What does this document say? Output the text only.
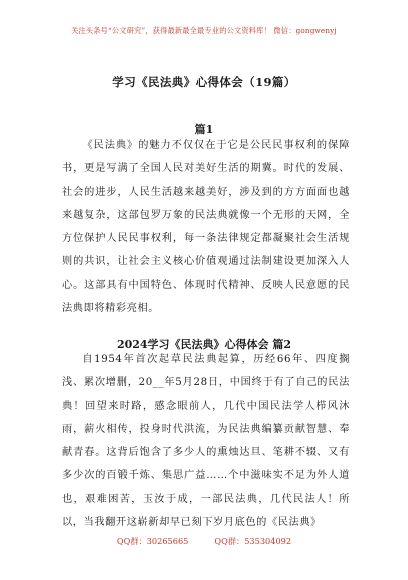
关注头条号“公文研究”，获得最新最全最专业的公文资料库！ 微信：gongwenyj
学习《民法典》心得体会（19篇）
篇1
《民法典》的魅力不仅仅在于它是公民民事权利的保障书，更是写满了全国人民对美好生活的期冀。时代的发展、社会的进步，人民生活越来越美好，涉及到的方方面面也越来越复杂，这部包罗万象的民法典就像一个无形的天网，全方位保护人民民事权利，每一条法律规定都凝聚社会生活规则的共识，让社会主义核心价值观通过法制建设更加深入人心。这部具有中国特色、体现时代精神、反映人民意愿的民法典即将精彩亮相。
2024学习《民法典》心得体会 篇2
自1954年首次起草民法典起算，历经66年、四度搁浅、累次增删，20__年5月28日，中国终于有了自己的民法典！回望来时路，感念眼前人，几代中国民法学人栉风沐雨，薪火相传，投身时代洪流，为民法典编纂贡献智慧、奉献青春。这背后饱含了多少人的熏烛达旦、笔耕不辍、又有多少次的百锻千炼、集思广益……个中滋味实不足为外人道也，艰难困苦，玉汝于成，一部民法典，几代民法人！所以，当我翻开这崭新却早已刻下岁月底色的《民法典》
QQ群：30265665	QQ群：535304092
